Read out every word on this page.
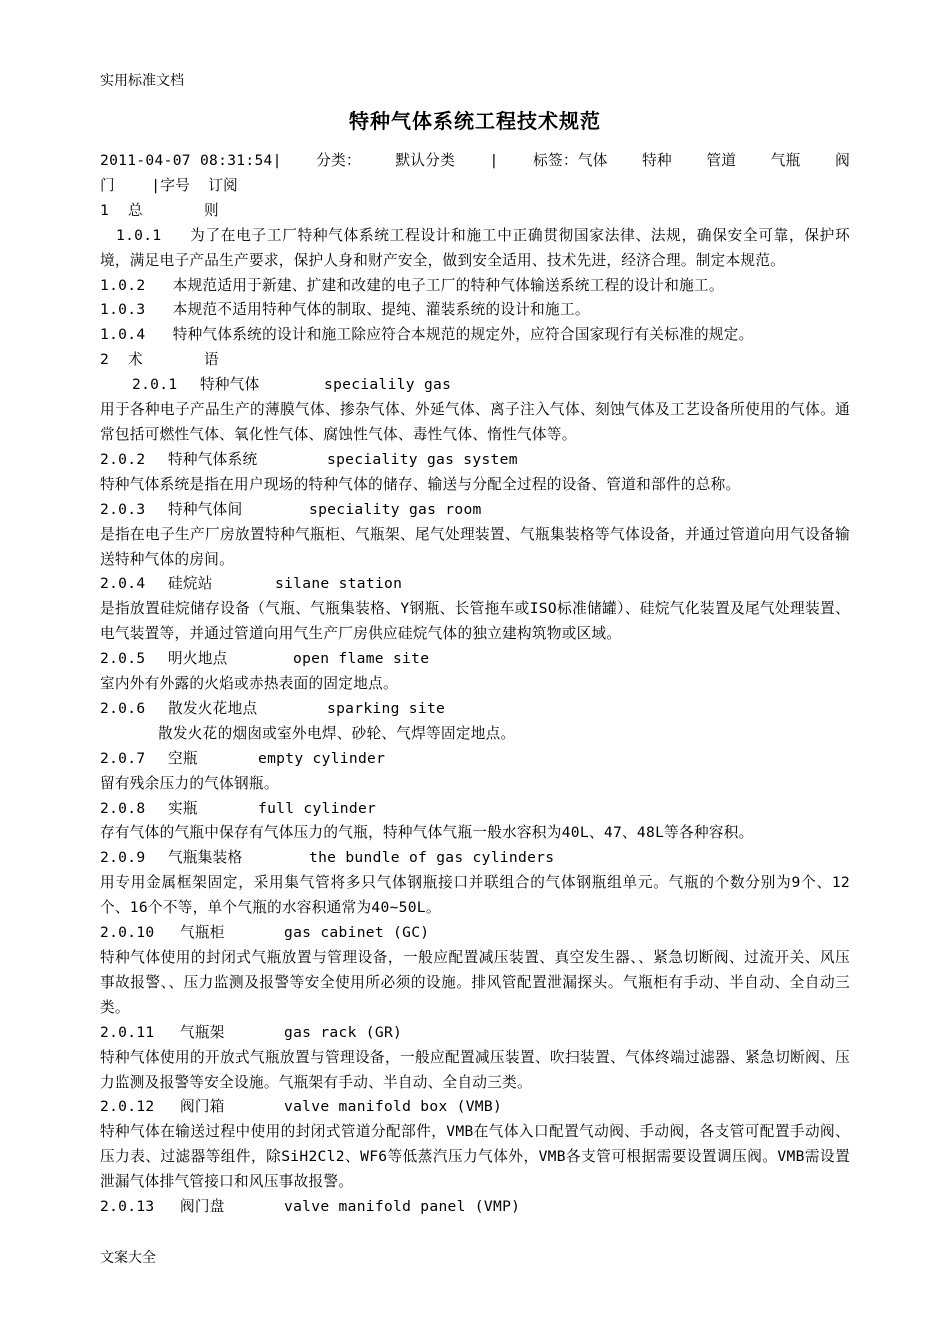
实用标准文档
特种气体系统工程技术规范
2011-04-07 08:31:54| 分类： 默认分类 | 标签：气体 特种 管道 气瓶 阀
门    |字号  订阅
1 总	则
1.0.1 为了在电子工厂特种气体系统工程设计和施工中正确贯彻国家法律、法规，确保安全可靠，保护环境，满足电子产品生产要求，保护人身和财产安全，做到安全适用、技术先进，经济合理。制定本规范。
1.0.2 本规范适用于新建、扩建和改建的电子工厂的特种气体输送系统工程的设计和施工。
1.0.3 本规范不适用特种气体的制取、提纯、灌装系统的设计和施工。
1.0.4 特种气体系统的设计和施工除应符合本规范的规定外，应符合国家现行有关标准的规定。
2 术	语
2.0.1 特种气体	specialily gas
用于各种电子产品生产的薄膜气体、掺杂气体、外延气体、离子注入气体、刻蚀气体及工艺设备所使用的气体。通常包括可燃性气体、氧化性气体、腐蚀性气体、毒性气体、惰性气体等。
2.0.2 特种气体系统	speciality gas system
特种气体系统是指在用户现场的特种气体的储存、输送与分配全过程的设备、管道和部件的总称。
2.0.3 特种气体间	speciality gas room
是指在电子生产厂房放置特种气瓶柜、气瓶架、尾气处理装置、气瓶集装格等气体设备，并通过管道向用气设备输送特种气体的房间。
2.0.4 硅烷站	silane station
是指放置硅烷储存设备（气瓶、气瓶集装格、Y钢瓶、长管拖车或ISO标准储罐）、硅烷气化装置及尾气处理装置、电气装置等，并通过管道向用气生产厂房供应硅烷气体的独立建构筑物或区域。
2.0.5 明火地点	open flame site
室内外有外露的火焰或赤热表面的固定地点。
2.0.6 散发火花地点	sparking site
散发火花的烟囱或室外电焊、砂轮、气焊等固定地点。
2.0.7 空瓶	empty cylinder
留有残余压力的气体钢瓶。
2.0.8 实瓶	full cylinder
存有气体的气瓶中保存有气体压力的气瓶，特种气体气瓶一般水容积为40L、47、48L等各种容积。
2.0.9 气瓶集装格	the bundle of gas cylinders
用专用金属框架固定，采用集气管将多只气体钢瓶接口并联组合的气体钢瓶组单元。气瓶的个数分别为9个、12个、16个不等，单个气瓶的水容积通常为40~50L。
2.0.10 气瓶柜	gas cabinet (GC)
特种气体使用的封闭式气瓶放置与管理设备，一般应配置减压装置、真空发生器、、紧急切断阀、过流开关、风压事故报警、、压力监测及报警等安全使用所必须的设施。排风管配置泄漏探头。气瓶柜有手动、半自动、全自动三类。
2.0.11 气瓶架	gas rack (GR)
特种气体使用的开放式气瓶放置与管理设备，一般应配置减压装置、吹扫装置、气体终端过滤器、紧急切断阀、压力监测及报警等安全设施。气瓶架有手动、半自动、全自动三类。
2.0.12 阀门箱	valve manifold box (VMB)
特种气体在输送过程中使用的封闭式管道分配部件，VMB在气体入口配置气动阀、手动阀，各支管可配置手动阀、压力表、过滤器等组件，除SiH2Cl2、WF6等低蒸汽压力气体外，VMB各支管可根据需要设置调压阀。VMB需设置泄漏气体排气管接口和风压事故报警。
2.0.13 阀门盘	valve manifold panel (VMP)
文案大全
